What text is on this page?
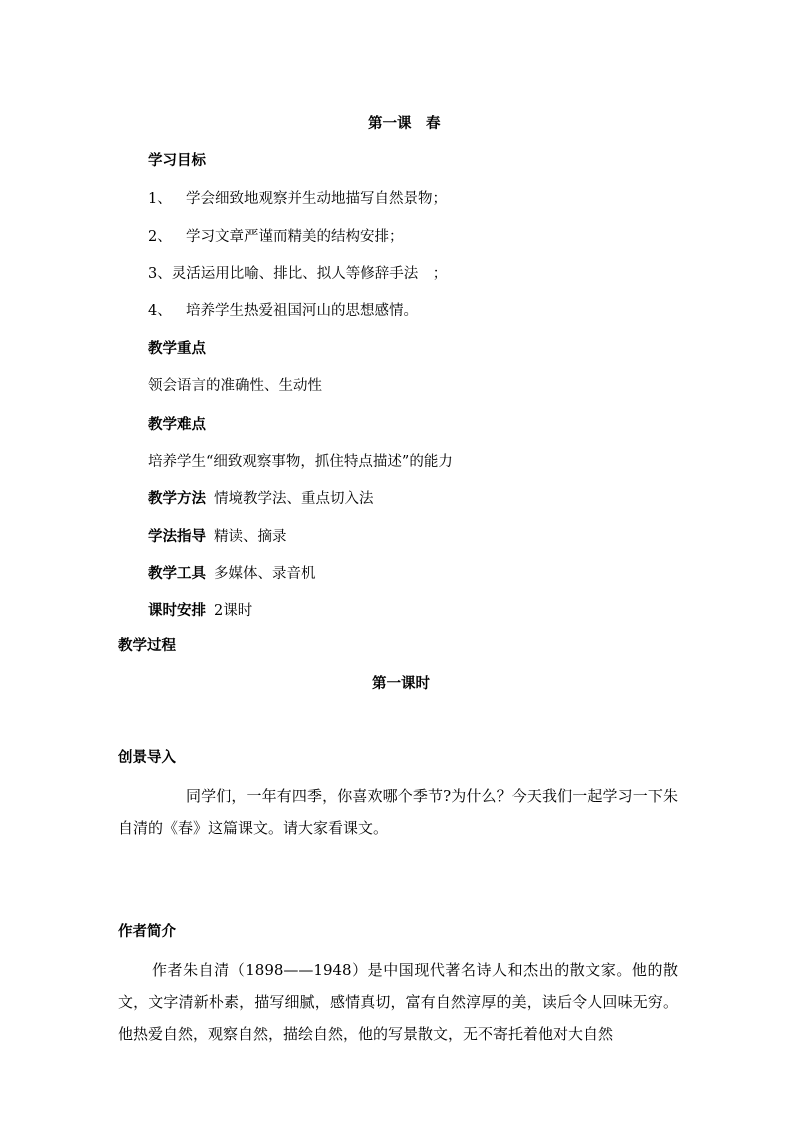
第一课　春
学习目标
1、 学会细致地观察并生动地描写自然景物；
2、 学习文章严谨而精美的结构安排；
3、灵活运用比喻、排比、拟人等修辞手法　；
4、 培养学生热爱祖国河山的思想感情。
教学重点
领会语言的准确性、生动性
教学难点
培养学生“细致观察事物，抓住特点描述”的能力
教学方法 情境教学法、重点切入法
学法指导 精读、摘录
教学工具 多媒体、录音机
课时安排 2课时
教学过程
第一课时
创景导入
同学们，一年有四季，你喜欢哪个季节?为什么？今天我们一起学习一下朱自清的《春》这篇课文。请大家看课文。
作者简介
作者朱自清（1898——1948）是中国现代著名诗人和杰出的散文家。他的散文，文字清新朴素，描写细腻，感情真切，富有自然淳厚的美，读后令人回味无穷。他热爱自然，观察自然，描绘自然，他的写景散文，无不寄托着他对大自然
